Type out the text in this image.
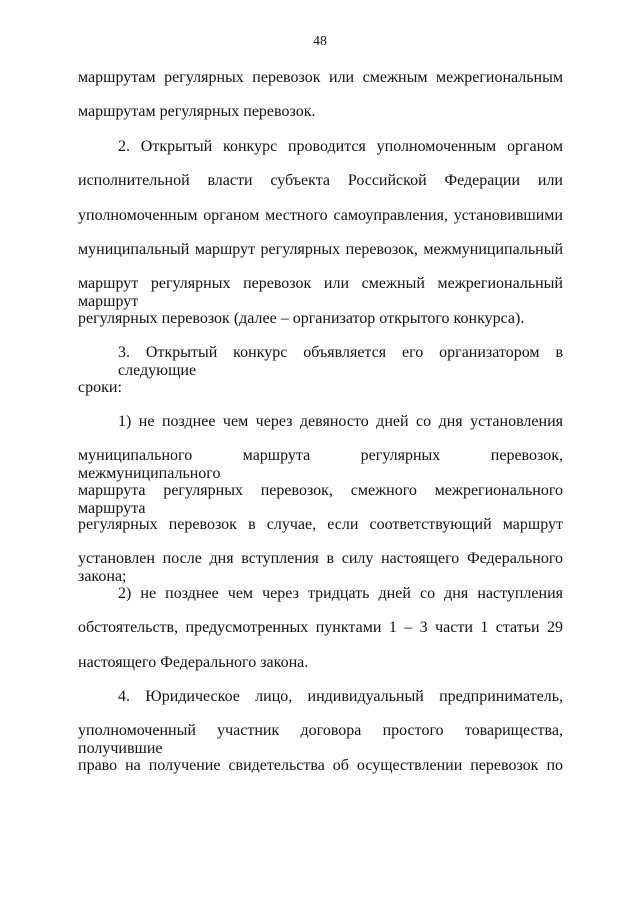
48
маршрутам регулярных перевозок или смежным межрегиональным
маршрутам регулярных перевозок.
2. Открытый конкурс проводится уполномоченным органом
исполнительной власти субъекта Российской Федерации или
уполномоченным органом местного самоуправления, установившими
муниципальный маршрут регулярных перевозок, межмуниципальный
маршрут регулярных перевозок или смежный межрегиональный маршрут
регулярных перевозок (далее – организатор открытого конкурса).
3. Открытый конкурс объявляется его организатором в следующие
сроки:
1) не позднее чем через девяносто дней со дня установления
муниципального маршрута регулярных перевозок, межмуниципального
маршрута регулярных перевозок, смежного межрегионального маршрута
регулярных перевозок в случае, если соответствующий маршрут
установлен после дня вступления в силу настоящего Федерального закона;
2) не позднее чем через тридцать дней со дня наступления
обстоятельств, предусмотренных пунктами 1 – 3 части 1 статьи 29
настоящего Федерального закона.
4. Юридическое лицо, индивидуальный предприниматель,
уполномоченный участник договора простого товарищества, получившие
право на получение свидетельства об осуществлении перевозок по
